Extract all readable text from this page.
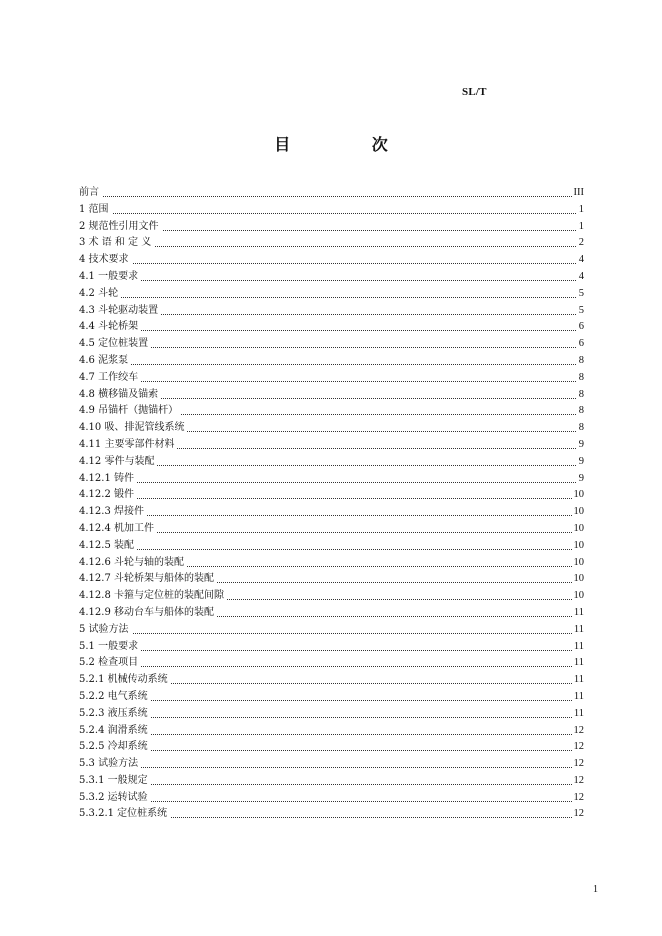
SL/T
目 次
前言	III
1 范围	1
2 规范性引用文件	1
3 术 语 和 定 义	2
4 技术要求	4
4.1 一般要求	4
4.2 斗轮	5
4.3 斗轮驱动装置	5
4.4 斗轮桥架	6
4.5 定位桩装置	6
4.6 泥浆泵	8
4.7 工作绞车	8
4.8 横移锚及锚索	8
4.9 吊锚杆（抛锚杆）	8
4.10 吸、排泥管线系统	8
4.11 主要零部件材料	9
4.12 零件与装配	9
4.12.1 铸件	9
4.12.2 锻件	10
4.12.3 焊接件	10
4.12.4 机加工件	10
4.12.5 装配	10
4.12.6 斗轮与轴的装配	10
4.12.7 斗轮桥架与船体的装配	10
4.12.8 卡箍与定位桩的装配间隙	10
4.12.9 移动台车与船体的装配	11
5 试验方法	11
5.1 一般要求	11
5.2 检查项目	11
5.2.1 机械传动系统	11
5.2.2 电气系统	11
5.2.3 液压系统	11
5.2.4 润滑系统	12
5.2.5 冷却系统	12
5.3 试验方法	12
5.3.1 一般规定	12
5.3.2 运转试验	12
5.3.2.1 定位桩系统	12
1
